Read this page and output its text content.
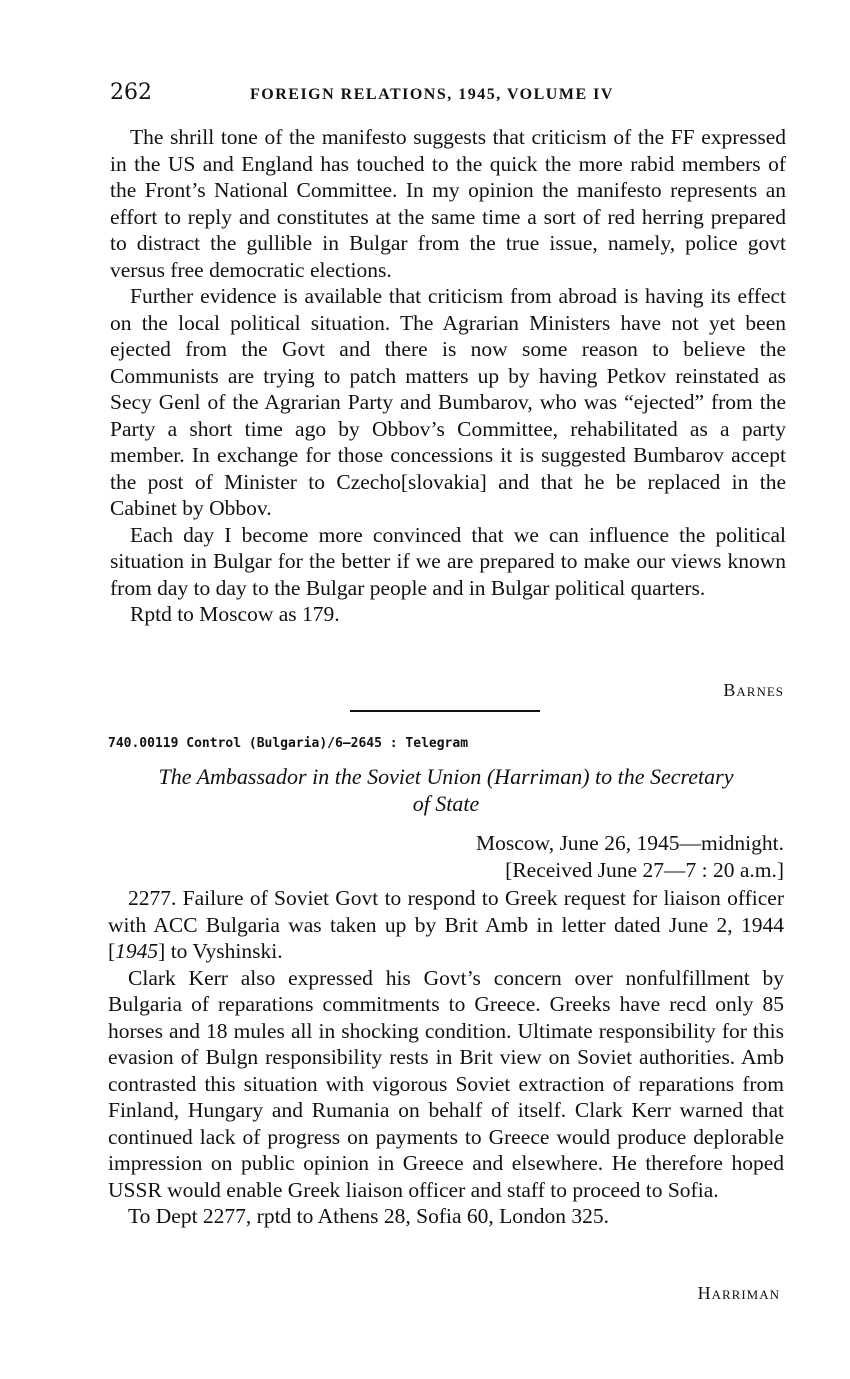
262	FOREIGN RELATIONS, 1945, VOLUME IV

The shrill tone of the manifesto suggests that criticism of the FF expressed in the US and England has touched to the quick the more rabid members of the Front’s National Committee. In my opinion the manifesto represents an effort to reply and constitutes at the same time a sort of red herring prepared to distract the gullible in Bulgar from the true issue, namely, police govt versus free democratic elections.

Further evidence is available that criticism from abroad is having its effect on the local political situation. The Agrarian Ministers have not yet been ejected from the Govt and there is now some reason to believe the Communists are trying to patch matters up by having Petkov reinstated as Secy Genl of the Agrarian Party and Bumbarov, who was “ejected” from the Party a short time ago by Obbov’s Committee, rehabilitated as a party member. In exchange for those concessions it is suggested Bumbarov accept the post of Minister to Czecho[slovakia] and that he be replaced in the Cabinet by Obbov.

Each day I become more convinced that we can influence the political situation in Bulgar for the better if we are prepared to make our views known from day to day to the Bulgar people and in Bulgar political quarters.

Rptd to Moscow as 179.

Barnes
740.00119 Control (Bulgaria)/6–2645 : Telegram
The Ambassador in the Soviet Union (Harriman) to the Secretary
of State
Moscow, June 26, 1945—midnight.
[Received June 27—7 : 20 a.m.]

2277. Failure of Soviet Govt to respond to Greek request for liaison officer with ACC Bulgaria was taken up by Brit Amb in letter dated June 2, 1944 [1945] to Vyshinski.

Clark Kerr also expressed his Govt’s concern over nonfulfillment by Bulgaria of reparations commitments to Greece. Greeks have recd only 85 horses and 18 mules all in shocking condition. Ultimate responsibility for this evasion of Bulgn responsibility rests in Brit view on Soviet authorities. Amb contrasted this situation with vigorous Soviet extraction of reparations from Finland, Hungary and Rumania on behalf of itself. Clark Kerr warned that continued lack of progress on payments to Greece would produce deplorable impression on public opinion in Greece and elsewhere. He therefore hoped USSR would enable Greek liaison officer and staff to proceed to Sofia.

To Dept 2277, rptd to Athens 28, Sofia 60, London 325.

Harriman
